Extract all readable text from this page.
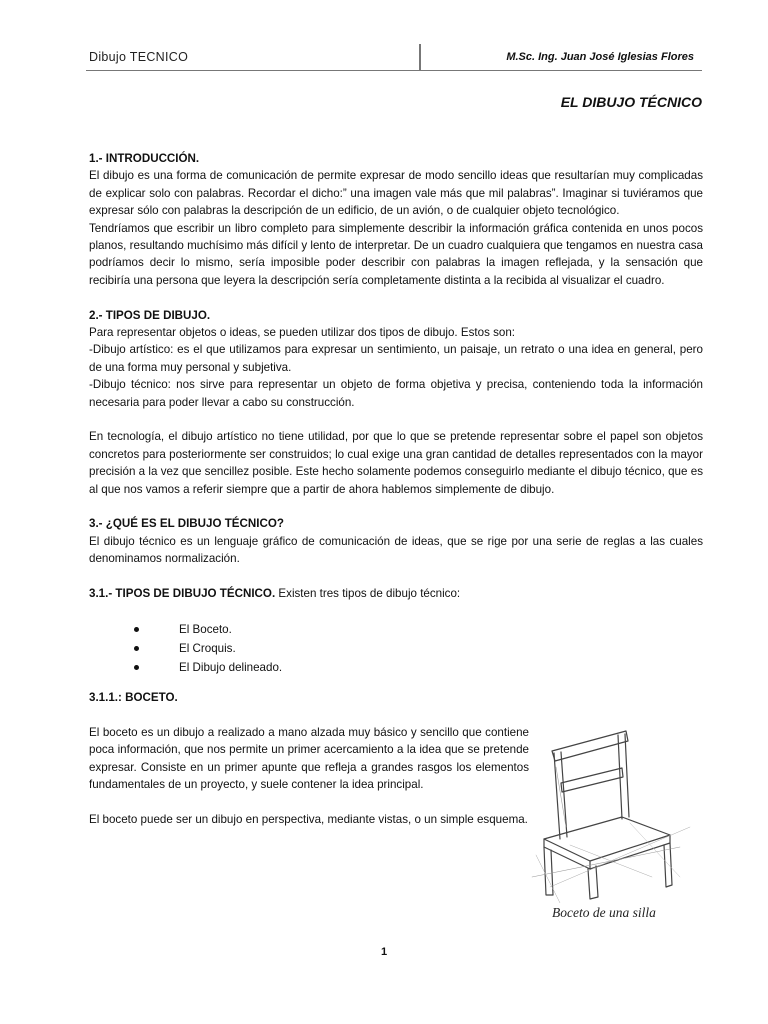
Dibujo TECNICO	M.Sc. Ing. Juan José Iglesias Flores
EL DIBUJO TÉCNICO

1.- INTRODUCCIÓN.

El dibujo es una forma de comunicación de permite expresar de modo sencillo ideas que resultarían muy complicadas de explicar solo con palabras. Recordar el dicho:” una imagen vale más que mil palabras”. Imaginar si tuviéramos que expresar sólo con palabras la descripción de un edificio, de un avión, o de cualquier objeto tecnológico.

Tendríamos que escribir un libro completo para simplemente describir la información gráfica contenida en unos pocos planos, resultando muchísimo más difícil y lento de interpretar. De un cuadro cualquiera que tengamos en nuestra casa podríamos decir lo mismo, sería imposible poder describir con palabras la imagen reflejada, y la sensación que recibiría una persona que leyera la descripción sería completamente distinta a la recibida al visualizar el cuadro.

2.- TIPOS DE DIBUJO.

Para representar objetos o ideas, se pueden utilizar dos tipos de dibujo. Estos son:

-Dibujo artístico: es el que utilizamos para expresar un sentimiento, un paisaje, un retrato o una idea en general, pero de una forma muy personal y subjetiva.

-Dibujo técnico: nos sirve para representar un objeto de forma objetiva y precisa, conteniendo toda la información necesaria para poder llevar a cabo su construcción.

En tecnología, el dibujo artístico no tiene utilidad, por que lo que se pretende representar sobre el papel son objetos concretos para posteriormente ser construidos; lo cual exige una gran cantidad de detalles representados con la mayor precisión a la vez que sencillez posible. Este hecho solamente podemos conseguirlo mediante el dibujo técnico, que es al que nos vamos a referir siempre que a partir de ahora hablemos simplemente de dibujo.

3.- ¿QUÉ ES EL DIBUJO TÉCNICO?

El dibujo técnico es un lenguaje gráfico de comunicación de ideas, que se rige por una serie de reglas a las cuales denominamos normalización.

3.1.- TIPOS DE DIBUJO TÉCNICO. Existen tres tipos de dibujo técnico:

El Boceto.
El Croquis.
El Dibujo delineado.

3.1.1.: BOCETO.

El boceto es un dibujo a realizado a mano alzada muy básico y sencillo que contiene poca información, que nos permite un primer acercamiento a la idea que se pretende expresar. Consiste en un primer apunte que refleja a grandes rasgos los elementos fundamentales de un proyecto, y suele contener la idea principal.

El boceto puede ser un dibujo en perspectiva, mediante vistas, o un simple esquema.

Boceto de una silla
1
